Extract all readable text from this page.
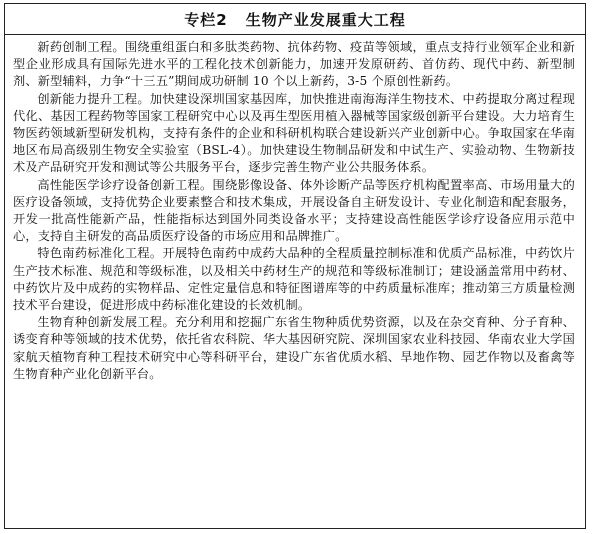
专栏2 生物产业发展重大工程

新药创制工程。围绕重组蛋白和多肽类药物、抗体药物、疫苗等领域，重点支持行业领军企业和新型企业形成具有国际先进水平的工程化技术创新能力，加速开发原研药、首仿药、现代中药、新型制剂、新型辅料，力争“十三五”期间成功研制 10 个以上新药，3-5 个原创性新药。

创新能力提升工程。加快建设深圳国家基因库，加快推进南海海洋生物技术、中药提取分离过程现代化、基因工程药物等国家工程研究中心以及再生型医用植入器械等国家级创新平台建设。大力培育生物医药领域新型研发机构，支持有条件的企业和科研机构联合建设新兴产业创新中心。争取国家在华南地区布局高级别生物安全实验室（BSL-4）。加快建设生物制品研发和中试生产、实验动物、生物新技术及产品研究开发和测试等公共服务平台，逐步完善生物产业公共服务体系。

高性能医学诊疗设备创新工程。围绕影像设备、体外诊断产品等医疗机构配置率高、市场用量大的医疗设备领域，支持优势企业要素整合和技术集成，开展设备自主研发设计、专业化制造和配套服务，开发一批高性能新产品，性能指标达到国外同类设备水平；支持建设高性能医学诊疗设备应用示范中心，支持自主研发的高品质医疗设备的市场应用和品牌推广。

特色南药标准化工程。开展特色南药中成药大品种的全程质量控制标准和优质产品标准，中药饮片生产技术标准、规范和等级标准，以及相关中药材生产的规范和等级标准制订；建设涵盖常用中药材、中药饮片及中成药的实物样品、定性定量信息和特征图谱库等的中药质量标准库；推动第三方质量检测技术平台建设，促进形成中药标准化建设的长效机制。

生物育种创新发展工程。充分利用和挖掘广东省生物种质优势资源，以及在杂交育种、分子育种、诱变育种等领域的技术优势，依托省农科院、华大基因研究院、深圳国家农业科技园、华南农业大学国家航天植物育种工程技术研究中心等科研平台，建设广东省优质水稻、旱地作物、园艺作物以及畜禽等生物育种产业化创新平台。
